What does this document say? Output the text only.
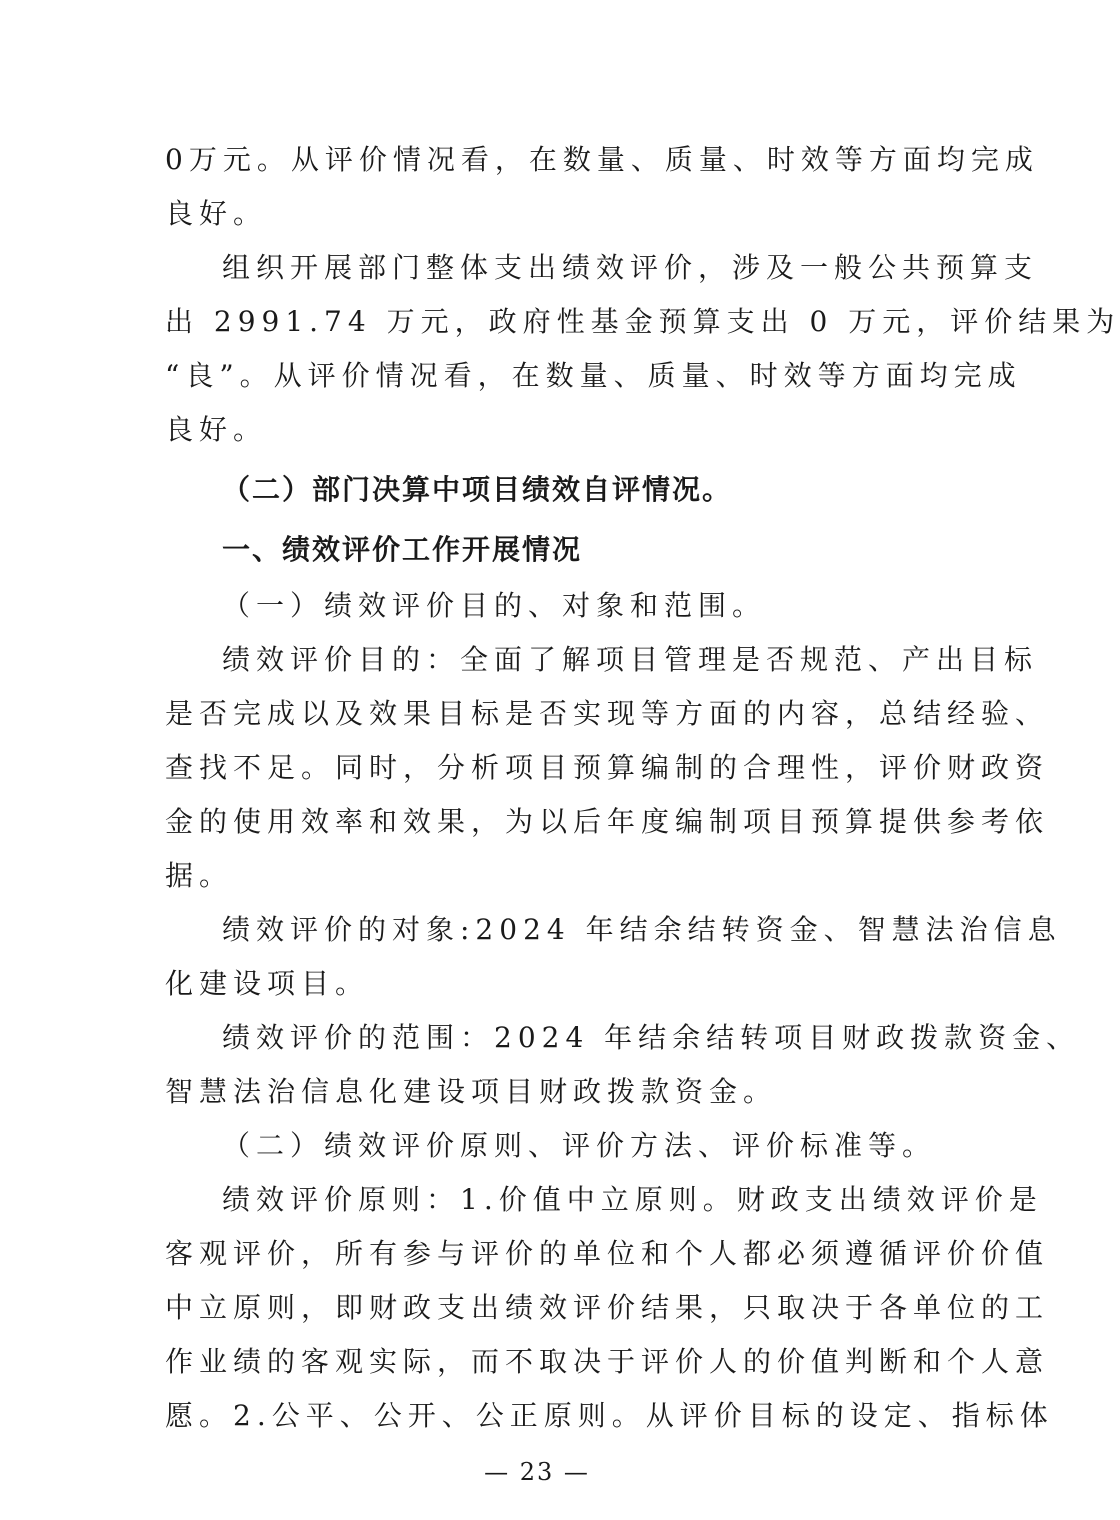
0万元。从评价情况看，在数量、质量、时效等方面均完成
良好。
组织开展部门整体支出绩效评价，涉及一般公共预算支
出 2991.74 万元，政府性基金预算支出 0 万元，评价结果为
“良”。从评价情况看，在数量、质量、时效等方面均完成
良好。
（二）部门决算中项目绩效自评情况。
一、绩效评价工作开展情况
（一）绩效评价目的、对象和范围。
绩效评价目的：全面了解项目管理是否规范、产出目标
是否完成以及效果目标是否实现等方面的内容，总结经验、
查找不足。同时，分析项目预算编制的合理性，评价财政资
金的使用效率和效果，为以后年度编制项目预算提供参考依
据。
绩效评价的对象:2024 年结余结转资金、智慧法治信息
化建设项目。
绩效评价的范围：2024 年结余结转项目财政拨款资金、
智慧法治信息化建设项目财政拨款资金。
（二）绩效评价原则、评价方法、评价标准等。
绩效评价原则：1.价值中立原则。财政支出绩效评价是
客观评价，所有参与评价的单位和个人都必须遵循评价价值
中立原则，即财政支出绩效评价结果，只取决于各单位的工
作业绩的客观实际，而不取决于评价人的价值判断和个人意
愿。2.公平、公开、公正原则。从评价目标的设定、指标体
— 23 —
